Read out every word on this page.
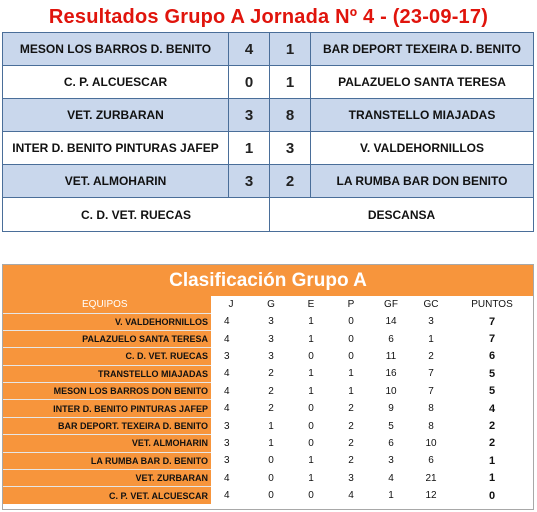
Resultados Grupo A Jornada Nº 4 - (23-09-17)
MESON LOS BARROS D. BENITO	4	1	BAR DEPORT TEXEIRA D. BENITO
C. P. ALCUESCAR	0	1	PALAZUELO SANTA TERESA
VET. ZURBARAN	3	8	TRANSTELLO MIAJADAS
INTER D. BENITO PINTURAS JAFEP	1	3	V. VALDEHORNILLOS
VET. ALMOHARIN	3	2	LA RUMBA BAR DON BENITO
C. D. VET. RUECAS		DESCANSA	
Clasificación Grupo A
EQUIPOS	J	G	E	P	GF	GC	PUNTOS
V. VALDEHORNILLOS	4	3	1	0	14	3	7
PALAZUELO SANTA TERESA	4	3	1	0	6	1	7
C. D. VET. RUECAS	3	3	0	0	11	2	6
TRANSTELLO MIAJADAS	4	2	1	1	16	7	5
MESON LOS BARROS DON BENITO	4	2	1	1	10	7	5
INTER D. BENITO PINTURAS JAFEP	4	2	0	2	9	8	4
BAR DEPORT. TEXEIRA D. BENITO	3	1	0	2	5	8	2
VET. ALMOHARIN	3	1	0	2	6	10	2
LA RUMBA BAR D. BENITO	3	0	1	2	3	6	1
VET. ZURBARAN	4	0	1	3	4	21	1
C. P. VET. ALCUESCAR	4	0	0	4	1	12	0
